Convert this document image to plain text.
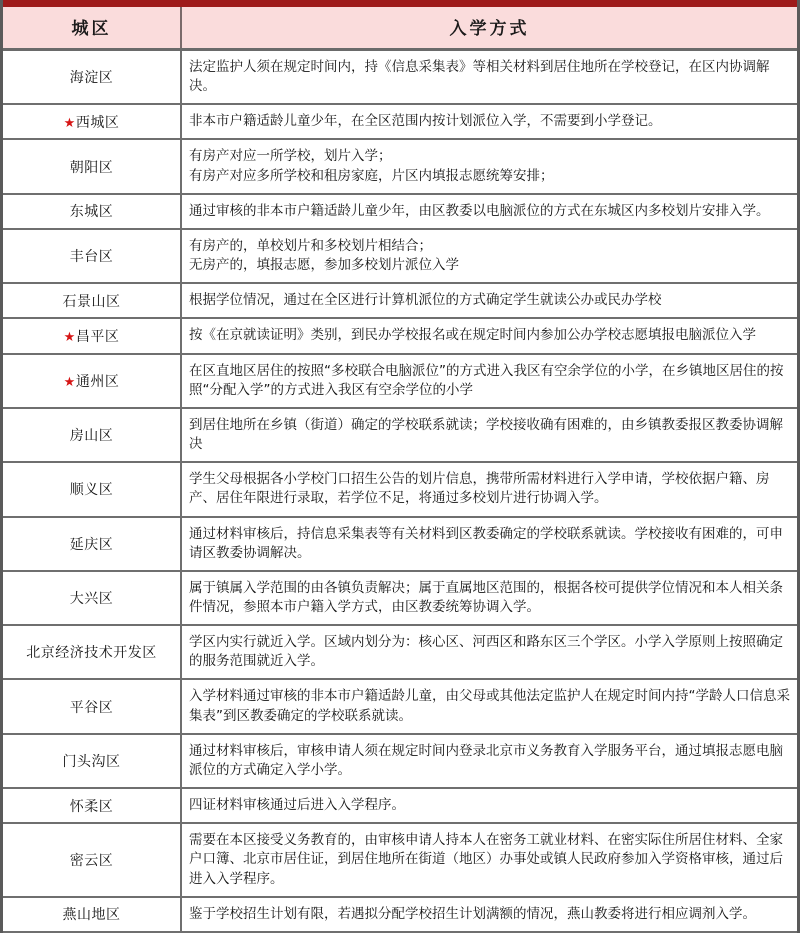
城区	入学方式
海淀区	法定监护人须在规定时间内，持《信息采集表》等相关材料到居住地所在学校登记，在区内协调解决。

★西城区	非本市户籍适龄儿童少年，在全区范围内按计划派位入学，不需要到小学登记。

朝阳区	有房产对应一所学校，划片入学；
有房产对应多所学校和租房家庭，片区内填报志愿统筹安排；

东城区	通过审核的非本市户籍适龄儿童少年，由区教委以电脑派位的方式在东城区内多校划片安排入学。

丰台区	有房产的，单校划片和多校划片相结合；
无房产的，填报志愿，参加多校划片派位入学

石景山区	根据学位情况，通过在全区进行计算机派位的方式确定学生就读公办或民办学校

★昌平区	按《在京就读证明》类别，到民办学校报名或在规定时间内参加公办学校志愿填报电脑派位入学

★通州区	在区直地区居住的按照“多校联合电脑派位”的方式进入我区有空余学位的小学，在乡镇地区居住的按照“分配入学”的方式进入我区有空余学位的小学

房山区	到居住地所在乡镇（街道）确定的学校联系就读；学校接收确有困难的，由乡镇教委报区教委协调解决

顺义区	学生父母根据各小学校门口招生公告的划片信息，携带所需材料进行入学申请，学校依据户籍、房产、居住年限进行录取，若学位不足，将通过多校划片进行协调入学。

延庆区	通过材料审核后，持信息采集表等有关材料到区教委确定的学校联系就读。学校接收有困难的，可申请区教委协调解决。

大兴区	属于镇属入学范围的由各镇负责解决；属于直属地区范围的，根据各校可提供学位情况和本人相关条件情况，参照本市户籍入学方式，由区教委统筹协调入学。

北京经济技术开发区	学区内实行就近入学。区域内划分为：核心区、河西区和路东区三个学区。小学入学原则上按照确定的服务范围就近入学。

平谷区	入学材料通过审核的非本市户籍适龄儿童，由父母或其他法定监护人在规定时间内持“学龄人口信息采集表”到区教委确定的学校联系就读。

门头沟区	通过材料审核后，审核申请人须在规定时间内登录北京市义务教育入学服务平台，通过填报志愿电脑派位的方式确定入学小学。

怀柔区	四证材料审核通过后进入入学程序。

密云区	需要在本区接受义务教育的，由审核申请人持本人在密务工就业材料、在密实际住所居住材料、全家户口簿、北京市居住证，到居住地所在街道（地区）办事处或镇人民政府参加入学资格审核，通过后进入入学程序。

燕山地区	鉴于学校招生计划有限，若遇拟分配学校招生计划满额的情况，燕山教委将进行相应调剂入学。
